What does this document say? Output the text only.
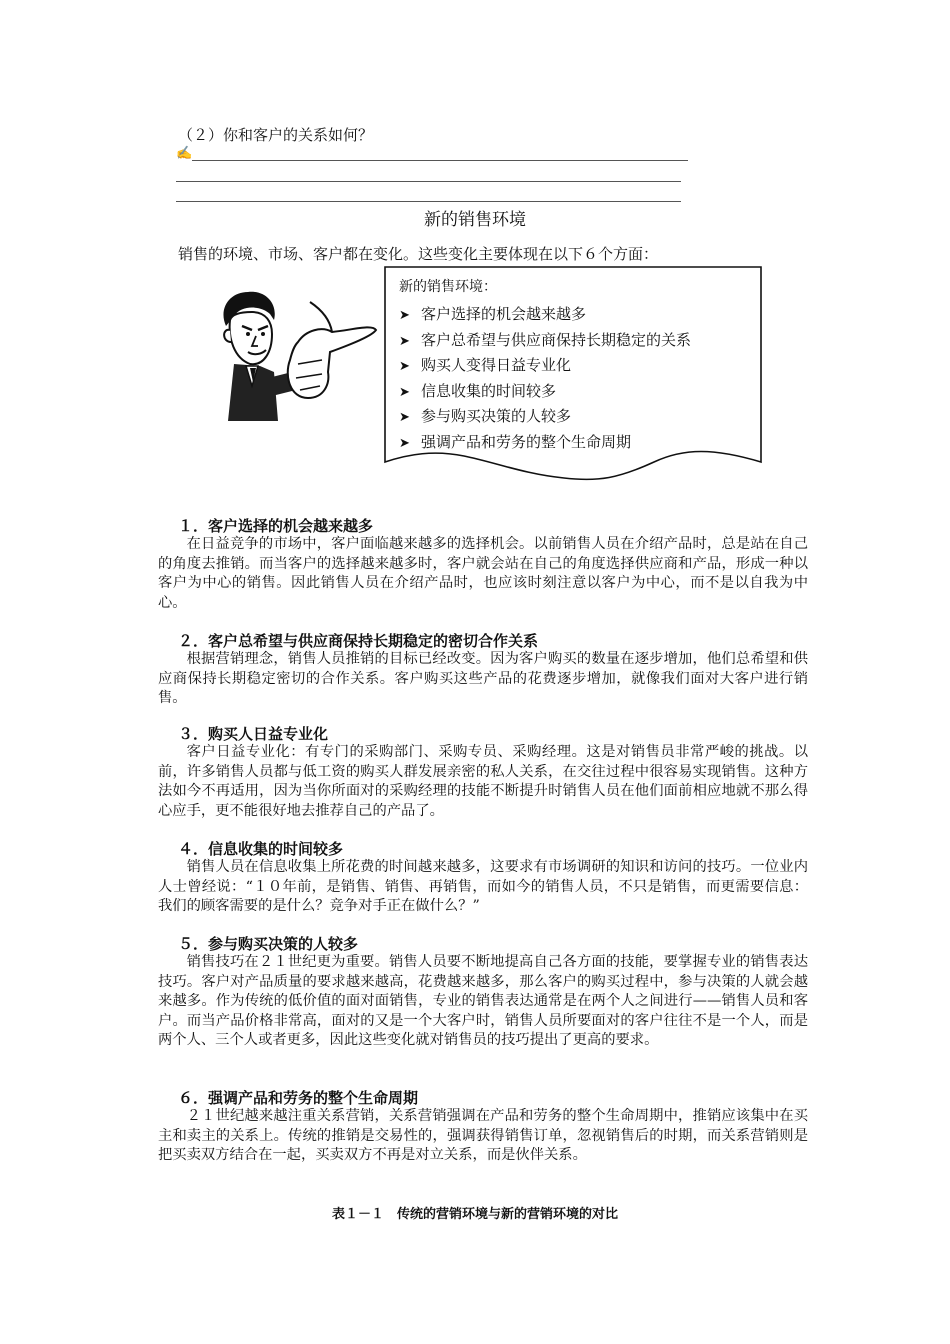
（２）你和客户的关系如何？
✍
新的销售环境
销售的环境、市场、客户都在变化。这些变化主要体现在以下６个方面：
新的销售环境：
➤ 客户选择的机会越来越多
➤ 客户总希望与供应商保持长期稳定的关系
➤ 购买人变得日益专业化
➤ 信息收集的时间较多
➤ 参与购买决策的人较多
➤ 强调产品和劳务的整个生命周期
１．客户选择的机会越来越多
在日益竞争的市场中，客户面临越来越多的选择机会。以前销售人员在介绍产品时，总是站在自己的角度去推销。而当客户的选择越来越多时，客户就会站在自己的角度选择供应商和产品，形成一种以客户为中心的销售。因此销售人员在介绍产品时，也应该时刻注意以客户为中心，而不是以自我为中心。
２．客户总希望与供应商保持长期稳定的密切合作关系
根据营销理念，销售人员推销的目标已经改变。因为客户购买的数量在逐步增加，他们总希望和供应商保持长期稳定密切的合作关系。客户购买这些产品的花费逐步增加，就像我们面对大客户进行销售。
３．购买人日益专业化
客户日益专业化：有专门的采购部门、采购专员、采购经理。这是对销售员非常严峻的挑战。以前，许多销售人员都与低工资的购买人群发展亲密的私人关系，在交往过程中很容易实现销售。这种方法如今不再适用，因为当你所面对的采购经理的技能不断提升时销售人员在他们面前相应地就不那么得心应手，更不能很好地去推荐自己的产品了。
４．信息收集的时间较多
销售人员在信息收集上所花费的时间越来越多，这要求有市场调研的知识和访问的技巧。一位业内人士曾经说：“１０年前，是销售、销售、再销售，而如今的销售人员，不只是销售，而更需要信息：我们的顾客需要的是什么？竞争对手正在做什么？”
５．参与购买决策的人较多
销售技巧在２１世纪更为重要。销售人员要不断地提高自己各方面的技能，要掌握专业的销售表达技巧。客户对产品质量的要求越来越高，花费越来越多，那么客户的购买过程中，参与决策的人就会越来越多。作为传统的低价值的面对面销售，专业的销售表达通常是在两个人之间进行——销售人员和客户。而当产品价格非常高，面对的又是一个大客户时，销售人员所要面对的客户往往不是一个人，而是两个人、三个人或者更多，因此这些变化就对销售员的技巧提出了更高的要求。
６．强调产品和劳务的整个生命周期
２１世纪越来越注重关系营销，关系营销强调在产品和劳务的整个生命周期中，推销应该集中在买主和卖主的关系上。传统的推销是交易性的，强调获得销售订单，忽视销售后的时期，而关系营销则是把买卖双方结合在一起，买卖双方不再是对立关系，而是伙伴关系。
表１－１　传统的营销环境与新的营销环境的对比
